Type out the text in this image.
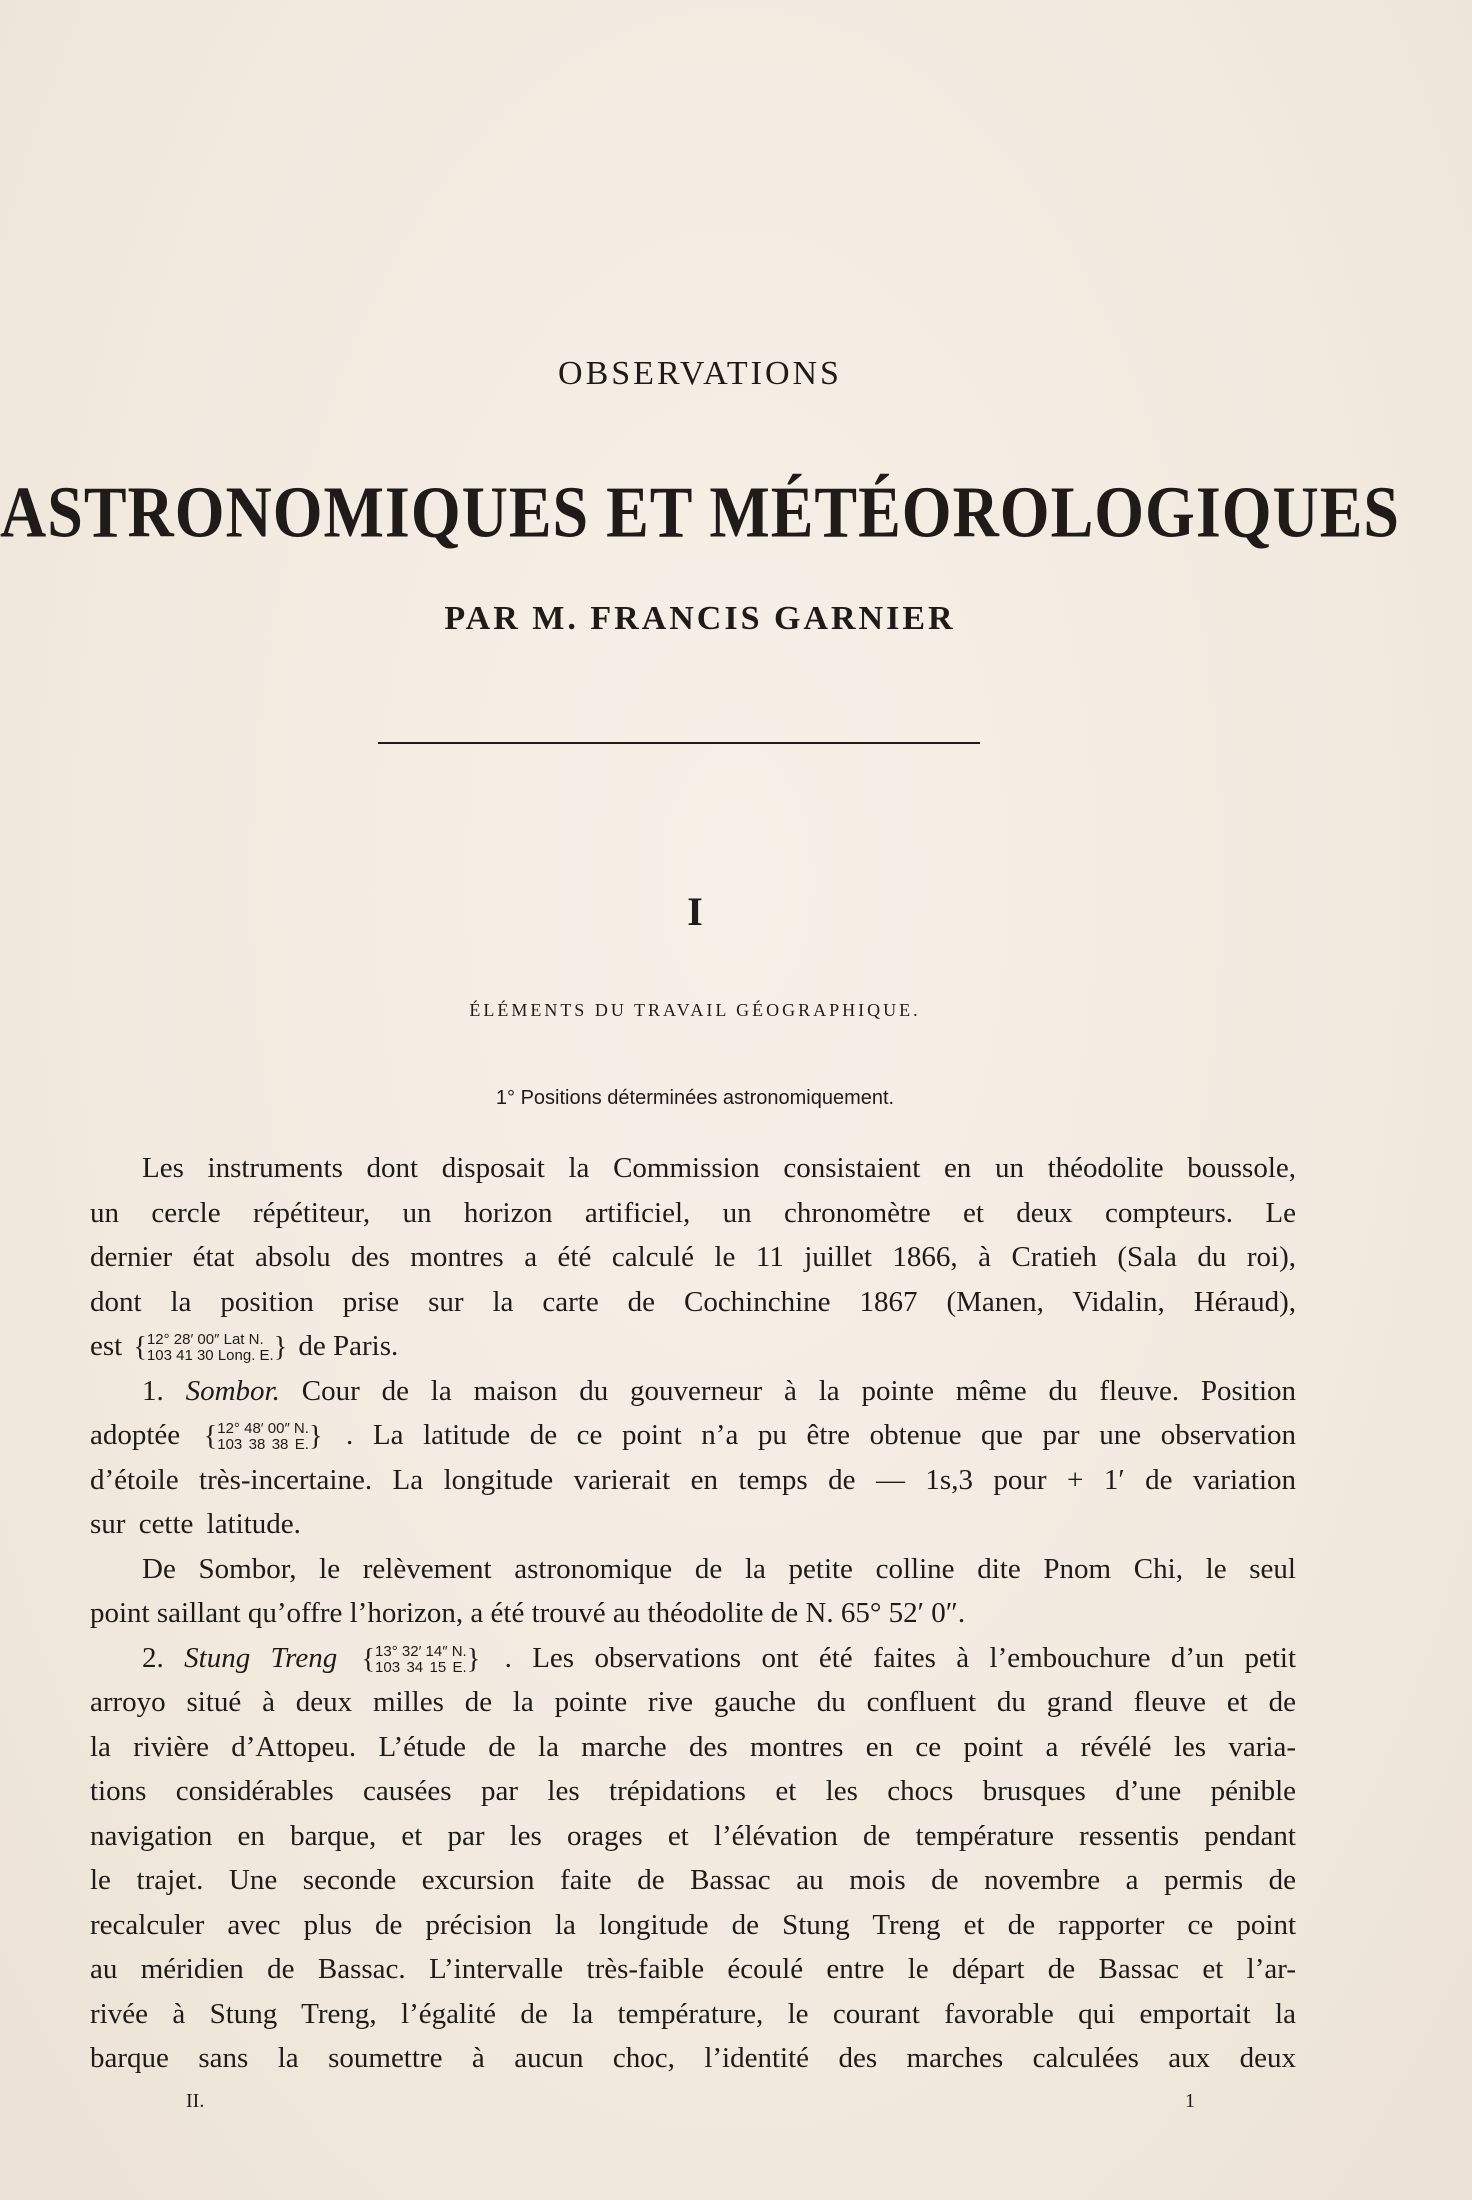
OBSERVATIONS
ASTRONOMIQUES ET MÉTÉOROLOGIQUES
PAR M. FRANCIS GARNIER
I
ÉLÉMENTS DU TRAVAIL GÉOGRAPHIQUE.
1° Positions déterminées astronomiquement.
Les instruments dont disposait la Commission consistaient en un théodolite boussole,
un cercle répétiteur, un horizon artificiel, un chronomètre et deux compteurs. Le
dernier état absolu des montres a été calculé le 11 juillet 1866, à Cratieh (Sala du roi),
dont la position prise sur la carte de Cochinchine 1867 (Manen, Vidalin, Héraud),
est { 12° 28′ 00″ Lat N.
103 41 30 Long. E. } de Paris.
1. Sombor. Cour de la maison du gouverneur à la pointe même du fleuve. Position
adoptée { 12° 48′ 00″ N.
103 38 38 E. } . La latitude de ce point n’a pu être obtenue que par une observation
d’étoile très-incertaine. La longitude varierait en temps de — 1s,3 pour + 1′ de variation
sur cette latitude.
De Sombor, le relèvement astronomique de la petite colline dite Pnom Chi, le seul
point saillant qu’offre l’horizon, a été trouvé au théodolite de N. 65° 52′ 0″.
2. Stung Treng { 13° 32′ 14″ N.
103 34 15 E. } . Les observations ont été faites à l’embouchure d’un petit
arroyo situé à deux milles de la pointe rive gauche du confluent du grand fleuve et de
la rivière d’Attopeu. L’étude de la marche des montres en ce point a révélé les varia-
tions considérables causées par les trépidations et les chocs brusques d’une pénible
navigation en barque, et par les orages et l’élévation de température ressentis pendant
le trajet. Une seconde excursion faite de Bassac au mois de novembre a permis de
recalculer avec plus de précision la longitude de Stung Treng et de rapporter ce point
au méridien de Bassac. L’intervalle très-faible écoulé entre le départ de Bassac et l’ar-
rivée à Stung Treng, l’égalité de la température, le courant favorable qui emportait la
barque sans la soumettre à aucun choc, l’identité des marches calculées aux deux
II.	1
